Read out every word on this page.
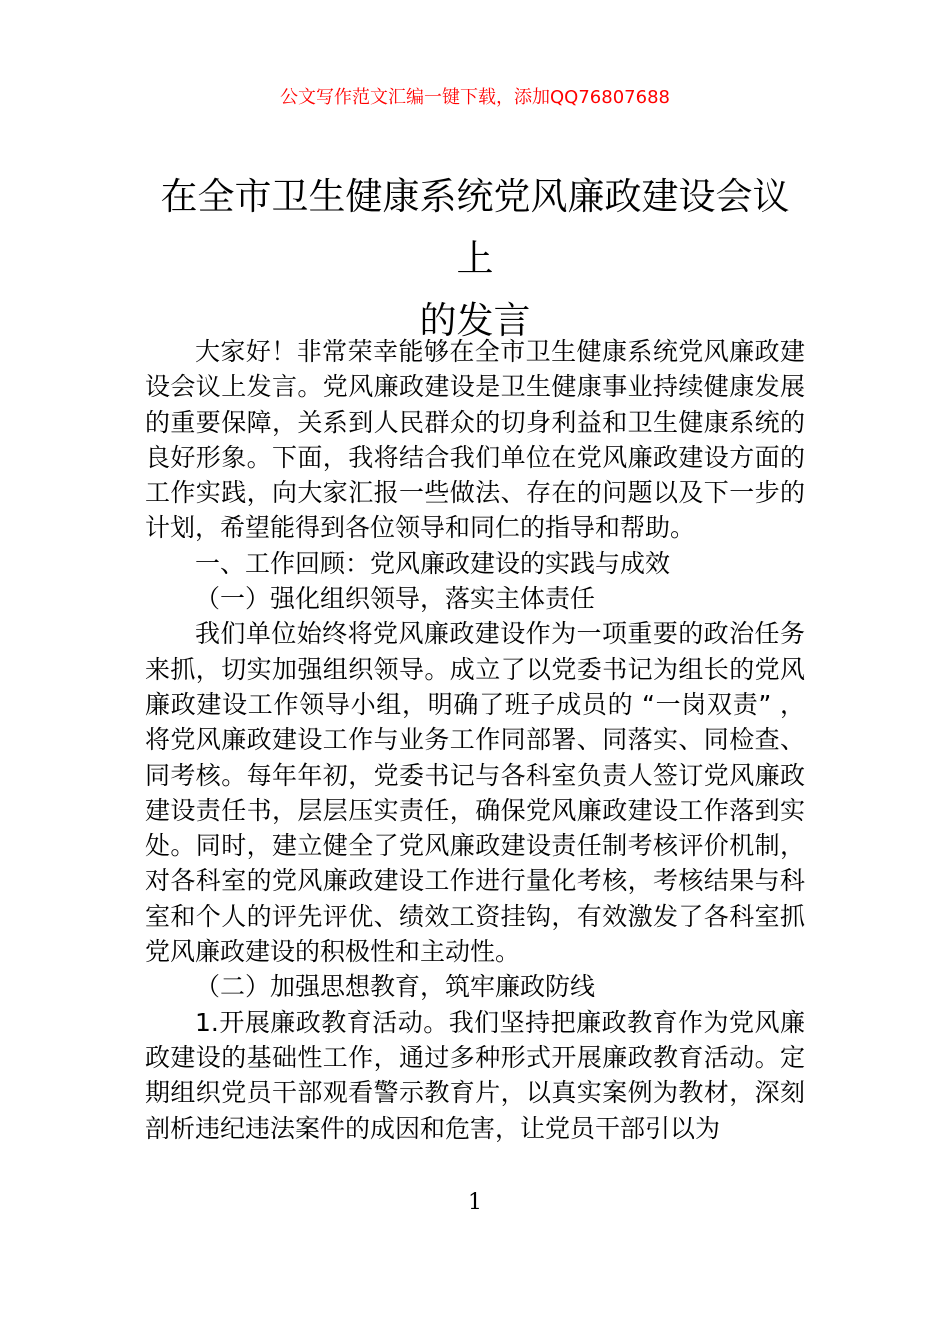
公文写作范文汇编一键下载，添加QQ76807688
在全市卫生健康系统党风廉政建设会议上
的发言

大家好！非常荣幸能够在全市卫生健康系统党风廉政建设会议上发言。党风廉政建设是卫生健康事业持续健康发展的重要保障，关系到人民群众的切身利益和卫生健康系统的良好形象。下面，我将结合我们单位在党风廉政建设方面的工作实践，向大家汇报一些做法、存在的问题以及下一步的计划，希望能得到各位领导和同仁的指导和帮助。

一、工作回顾：党风廉政建设的实践与成效

（一）强化组织领导，落实主体责任

我们单位始终将党风廉政建设作为一项重要的政治任务来抓，切实加强组织领导。成立了以党委书记为组长的党风廉政建设工作领导小组，明确了班子成员的 “一岗双责” ，将党风廉政建设工作与业务工作同部署、同落实、同检查、同考核。每年年初，党委书记与各科室负责人签订党风廉政建设责任书，层层压实责任，确保党风廉政建设工作落到实处。同时，建立健全了党风廉政建设责任制考核评价机制，对各科室的党风廉政建设工作进行量化考核，考核结果与科室和个人的评先评优、绩效工资挂钩，有效激发了各科室抓党风廉政建设的积极性和主动性。

（二）加强思想教育，筑牢廉政防线

1.开展廉政教育活动。我们坚持把廉政教育作为党风廉政建设的基础性工作，通过多种形式开展廉政教育活动。定期组织党员干部观看警示教育片，以真实案例为教材，深刻剖析违纪违法案件的成因和危害，让党员干部引以为

1
